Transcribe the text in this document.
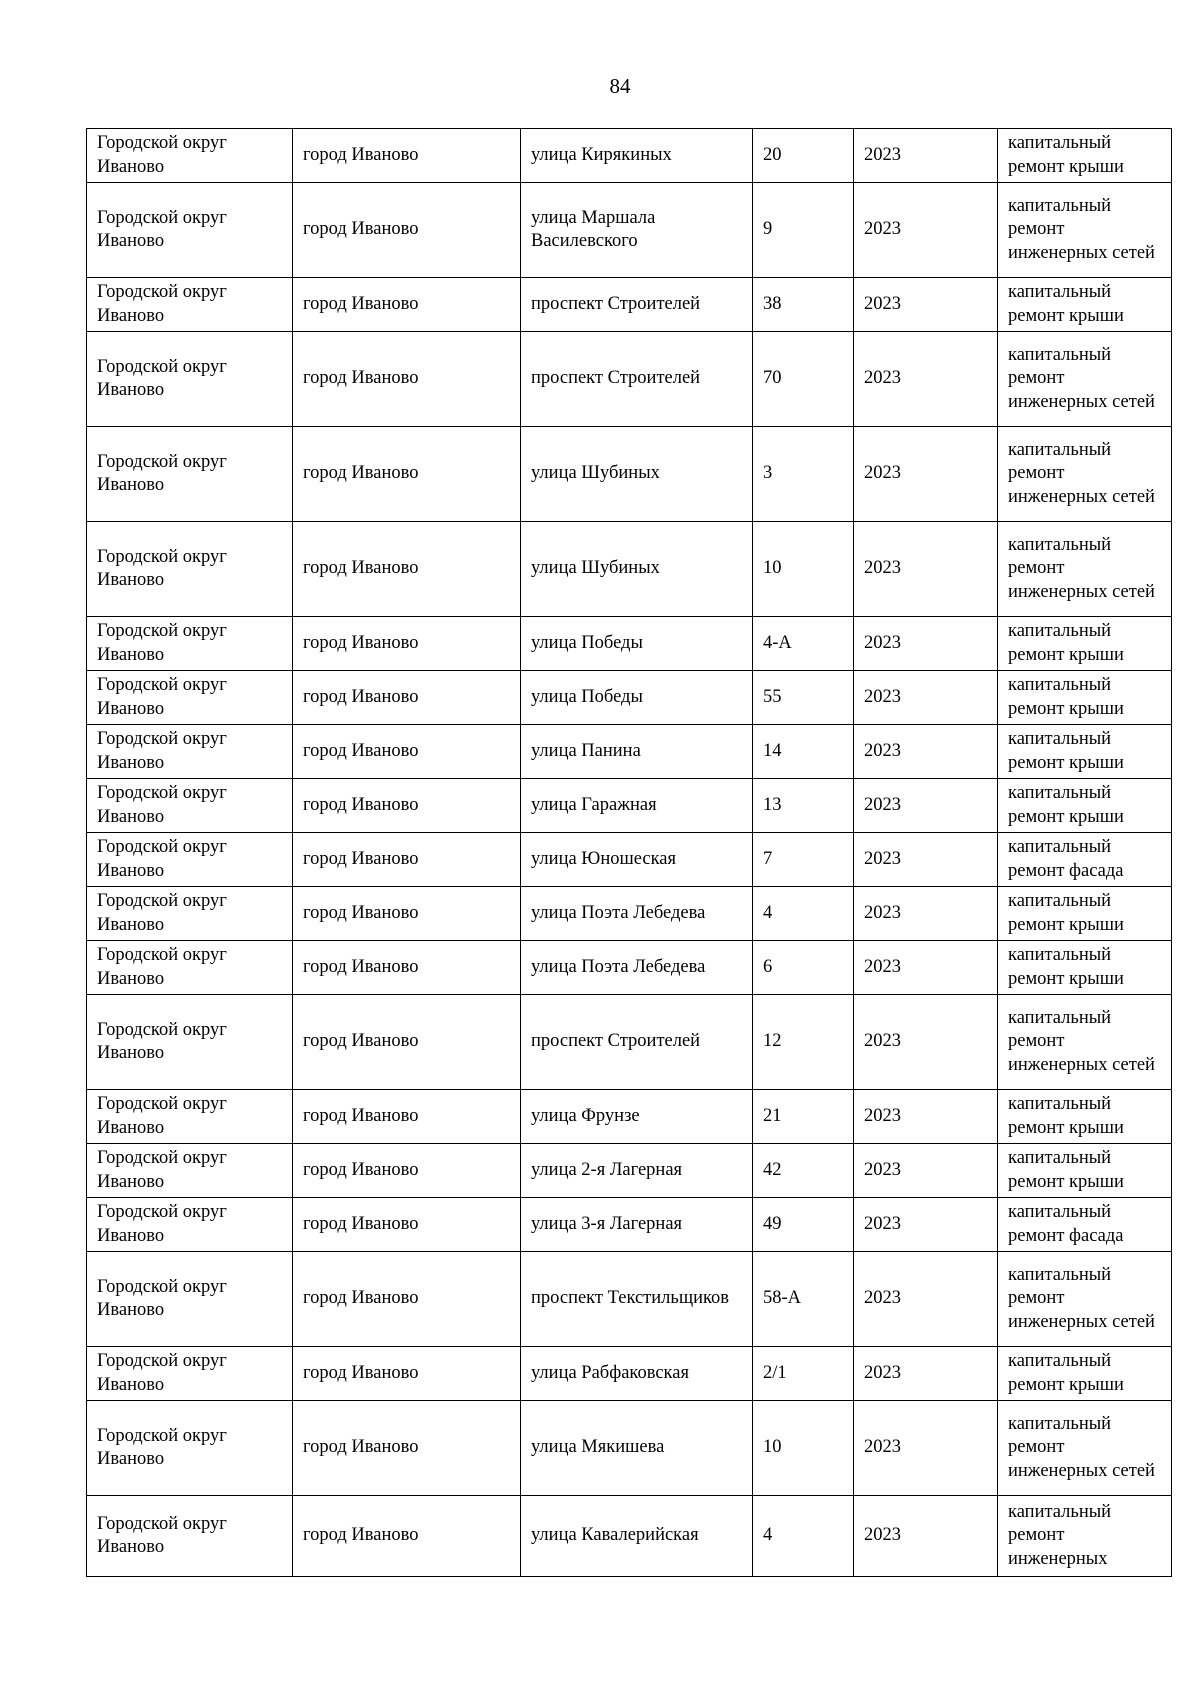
84
Городской округ Иваново	город Иваново	улица Кирякиных	20	2023	капитальный ремонт крыши
Городской округ Иваново	город Иваново	улица Маршала Василевского	9	2023	капитальный ремонт инженерных сетей
Городской округ Иваново	город Иваново	проспект Строителей	38	2023	капитальный ремонт крыши
Городской округ Иваново	город Иваново	проспект Строителей	70	2023	капитальный ремонт инженерных сетей
Городской округ Иваново	город Иваново	улица Шубиных	3	2023	капитальный ремонт инженерных сетей
Городской округ Иваново	город Иваново	улица Шубиных	10	2023	капитальный ремонт инженерных сетей
Городской округ Иваново	город Иваново	улица Победы	4-А	2023	капитальный ремонт крыши
Городской округ Иваново	город Иваново	улица Победы	55	2023	капитальный ремонт крыши
Городской округ Иваново	город Иваново	улица Панина	14	2023	капитальный ремонт крыши
Городской округ Иваново	город Иваново	улица Гаражная	13	2023	капитальный ремонт крыши
Городской округ Иваново	город Иваново	улица Юношеская	7	2023	капитальный ремонт фасада
Городской округ Иваново	город Иваново	улица Поэта Лебедева	4	2023	капитальный ремонт крыши
Городской округ Иваново	город Иваново	улица Поэта Лебедева	6	2023	капитальный ремонт крыши
Городской округ Иваново	город Иваново	проспект Строителей	12	2023	капитальный ремонт инженерных сетей
Городской округ Иваново	город Иваново	улица Фрунзе	21	2023	капитальный ремонт крыши
Городской округ Иваново	город Иваново	улица 2-я Лагерная	42	2023	капитальный ремонт крыши
Городской округ Иваново	город Иваново	улица 3-я Лагерная	49	2023	капитальный ремонт фасада
Городской округ Иваново	город Иваново	проспект Текстильщиков	58-А	2023	капитальный ремонт инженерных сетей
Городской округ Иваново	город Иваново	улица Рабфаковская	2/1	2023	капитальный ремонт крыши
Городской округ Иваново	город Иваново	улица Мякишева	10	2023	капитальный ремонт инженерных сетей
Городской округ Иваново	город Иваново	улица Кавалерийская	4	2023	капитальный ремонт инженерных
